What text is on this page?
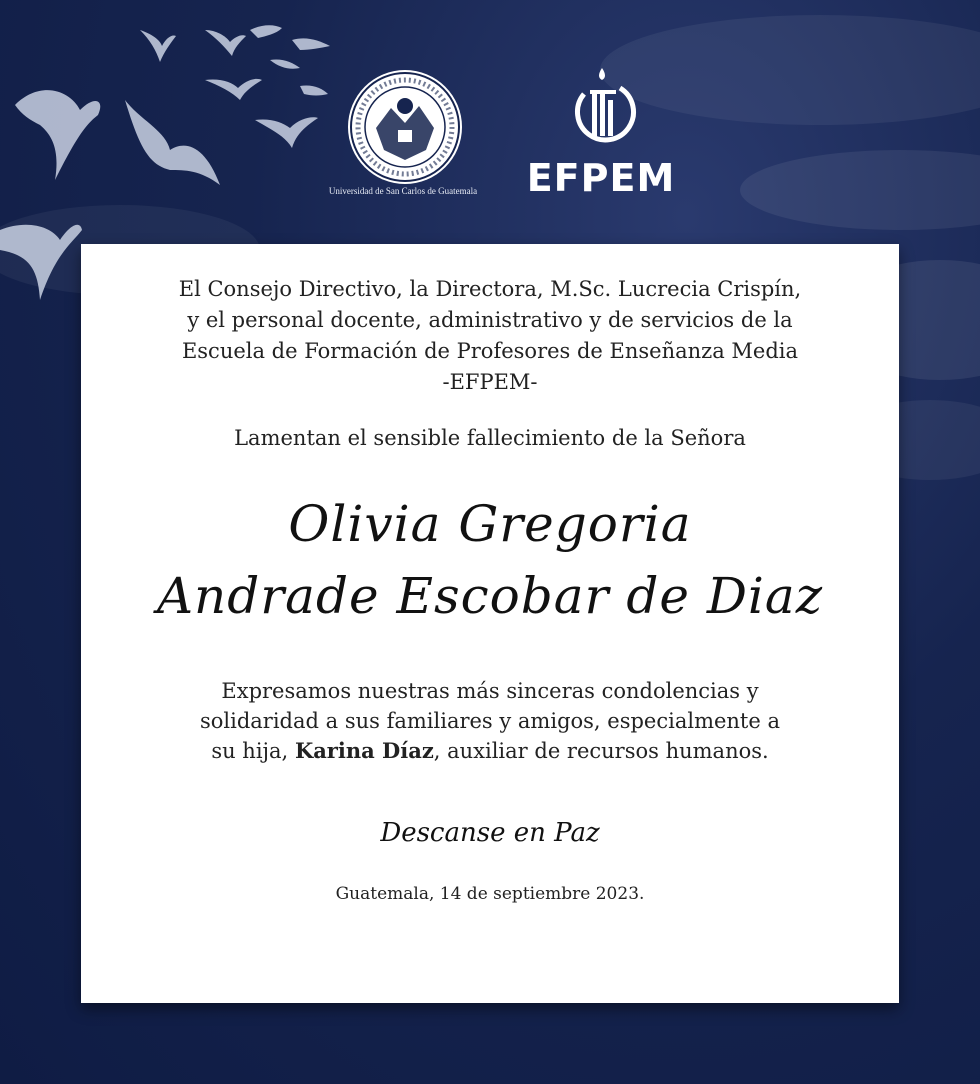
Universidad de San Carlos de Guatemala	EFPEM
El Consejo Directivo, la Directora, M.Sc. Lucrecia Crispín,
y el personal docente, administrativo y de servicios de la
Escuela de Formación de Profesores de Enseñanza Media
-EFPEM-
Lamentan el sensible fallecimiento de la Señora
Olivia Gregoria
Andrade Escobar de Diaz
Expresamos nuestras más sinceras condolencias y
solidaridad a sus familiares y amigos, especialmente a
su hija, Karina Díaz, auxiliar de recursos humanos.
Descanse en Paz
Guatemala, 14 de septiembre 2023.
